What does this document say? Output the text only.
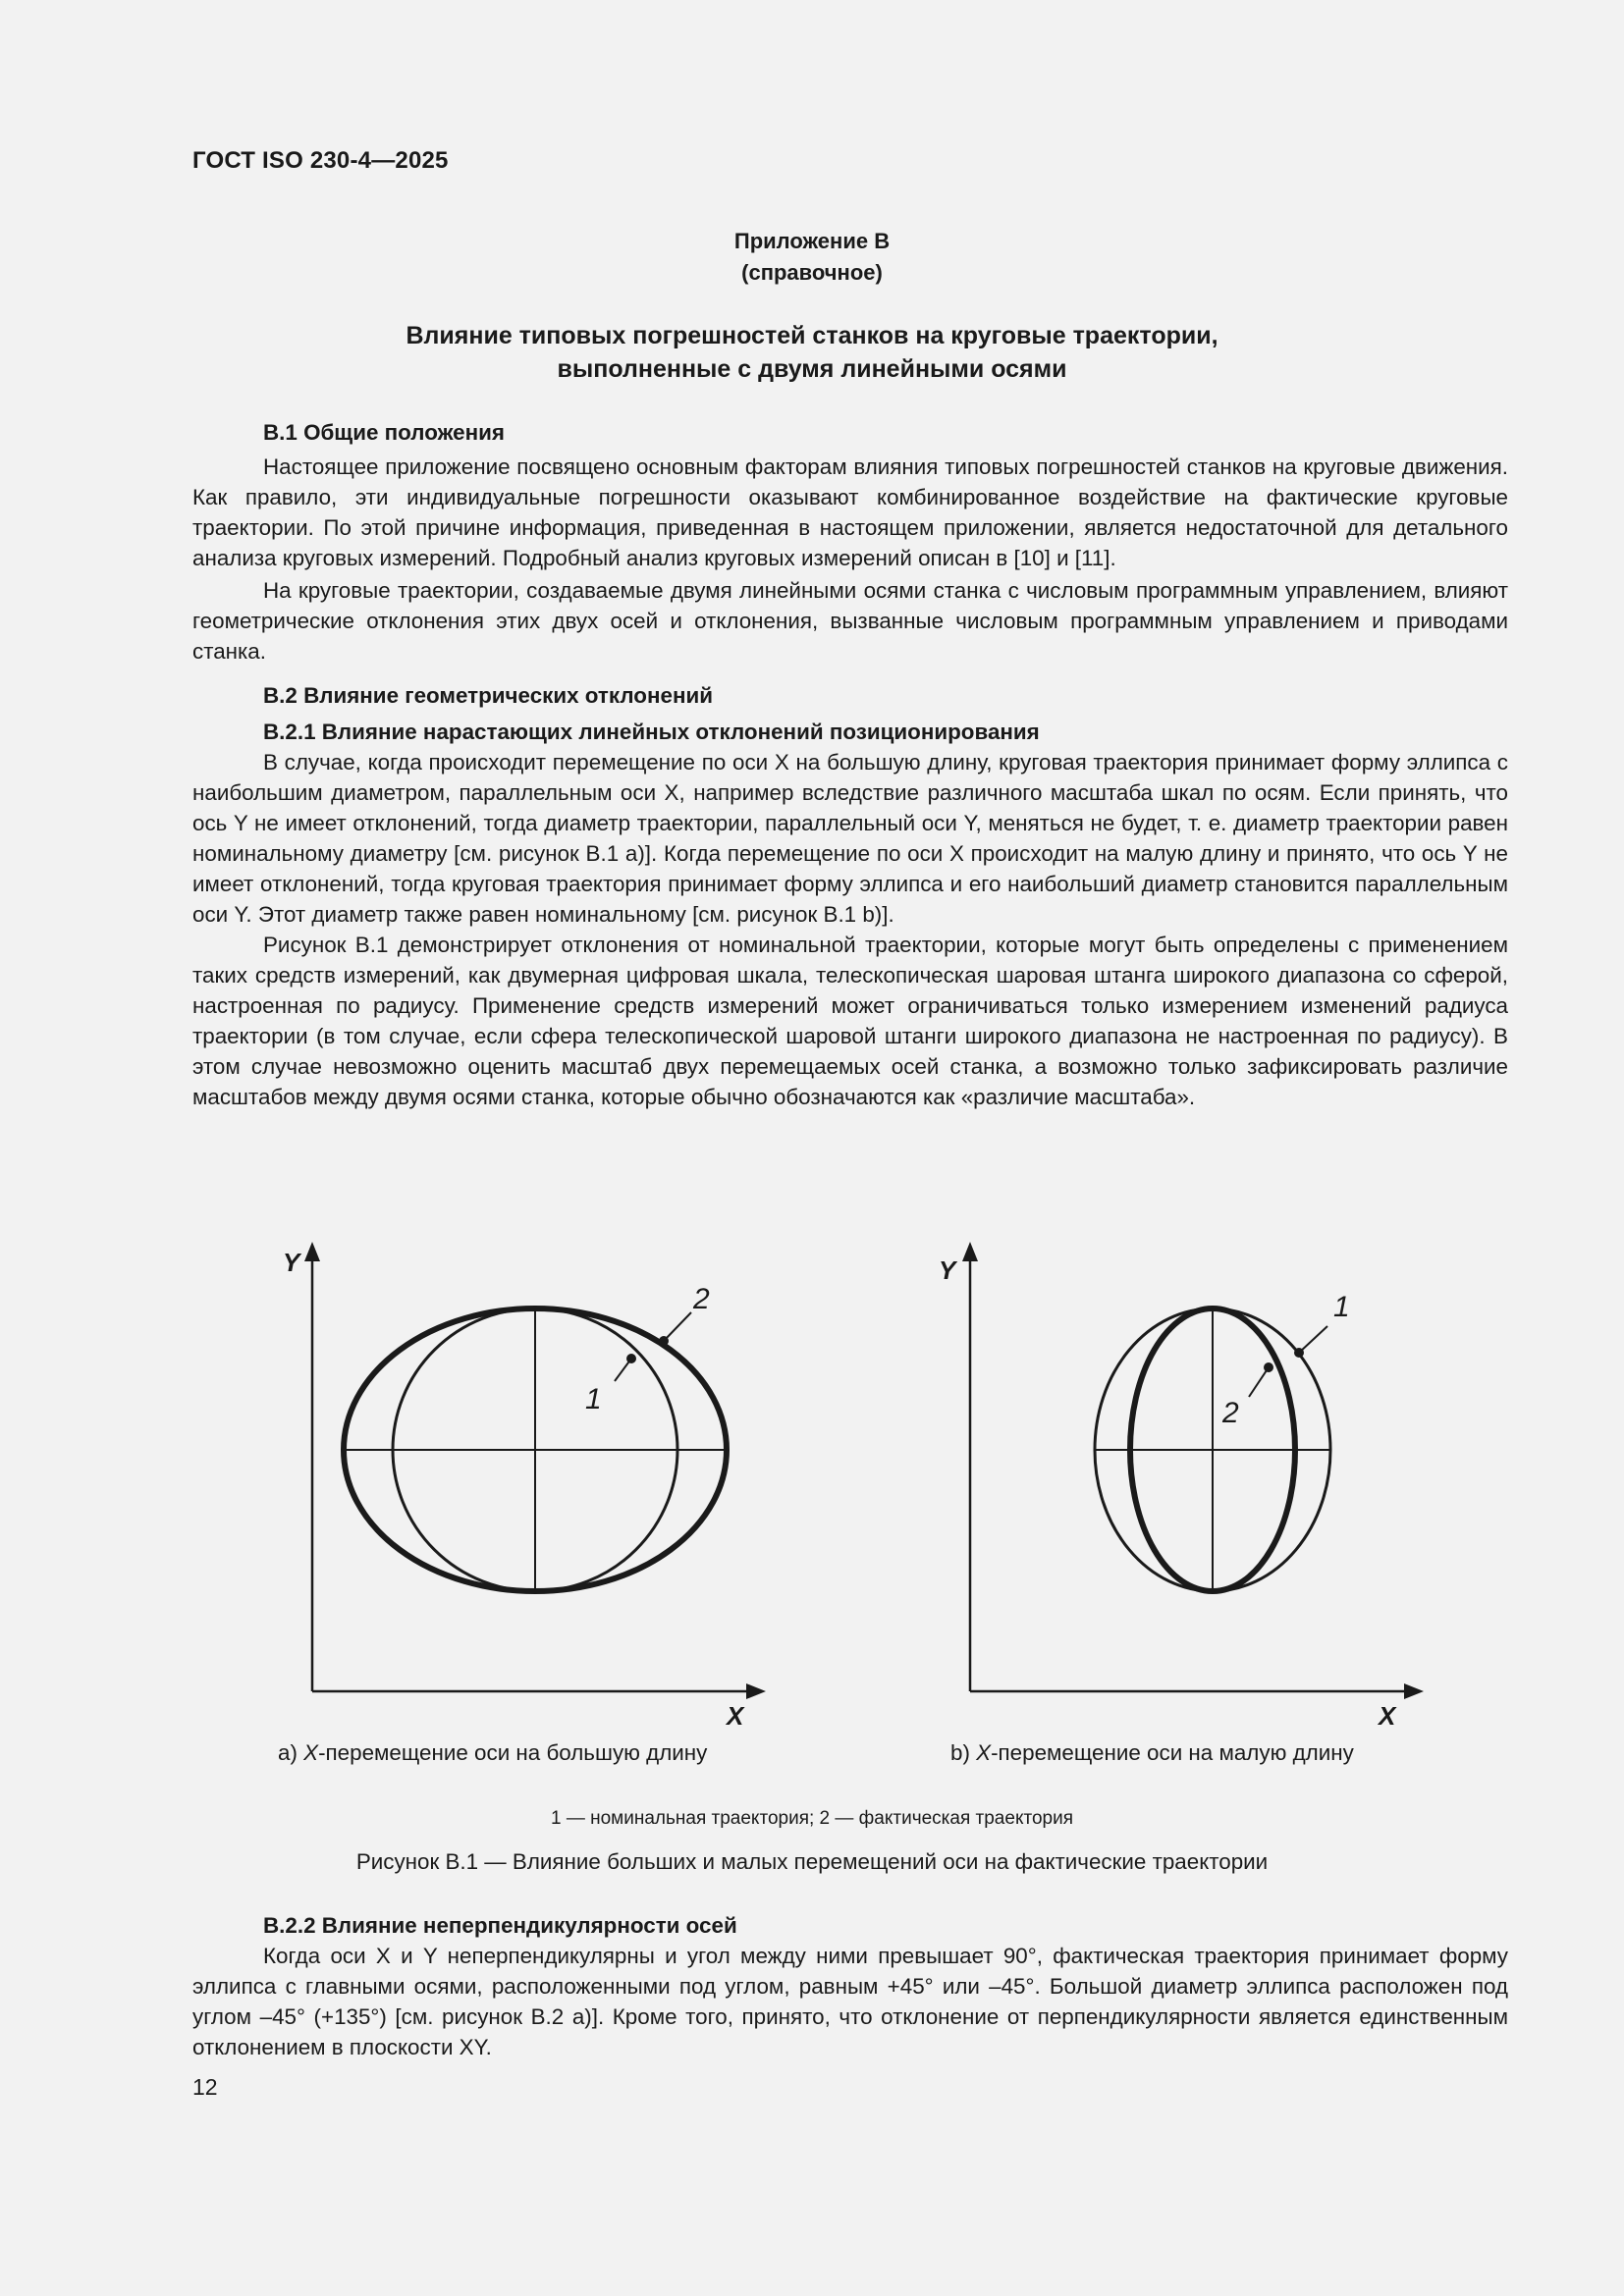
ГОСТ ISO 230-4—2025
Приложение В
(справочное)
Влияние типовых погрешностей станков на круговые траектории,
выполненные с двумя линейными осями

В.1 Общие положения

Настоящее приложение посвящено основным факторам влияния типовых погрешностей станков на круговые движения. Как правило, эти индивидуальные погрешности оказывают комбинированное воздействие на фактические круговые траектории. По этой причине информация, приведенная в настоящем приложении, является недостаточной для детального анализа круговых измерений. Подробный анализ круговых измерений описан в [10] и [11].

На круговые траектории, создаваемые двумя линейными осями станка с числовым программным управлением, влияют геометрические отклонения этих двух осей и отклонения, вызванные числовым программным управлением и приводами станка.

В.2 Влияние геометрических отклонений

В.2.1 Влияние нарастающих линейных отклонений позиционирования

В случае, когда происходит перемещение по оси X на большую длину, круговая траектория принимает форму эллипса с наибольшим диаметром, параллельным оси X, например вследствие различного масштаба шкал по осям. Если принять, что ось Y не имеет отклонений, тогда диаметр траектории, параллельный оси Y, меняться не будет, т. е. диаметр траектории равен номинальному диаметру [см. рисунок В.1 а)]. Когда перемещение по оси X происходит на малую длину и принято, что ось Y не имеет отклонений, тогда круговая траектория принимает форму эллипса и его наибольший диаметр становится параллельным оси Y. Этот диаметр также равен номинальному [см. рисунок В.1 b)].

Рисунок В.1 демонстрирует отклонения от номинальной траектории, которые могут быть определены с применением таких средств измерений, как двумерная цифровая шкала, телескопическая шаровая штанга широкого диапазона со сферой, настроенная по радиусу. Применение средств измерений может ограничиваться только измерением изменений радиуса траектории (в том случае, если сфера телескопической шаровой штанги широкого диапазона не настроенная по радиусу). В этом случае невозможно оценить масштаб двух перемещаемых осей станка, а возможно только зафиксировать различие масштабов между двумя осями станка, которые обычно обозначаются как «различие масштаба».

Y
X
1
2
Y
X
1
2
a) X-перемещение оси на большую длину	b) X-перемещение оси на малую длину
1 — номинальная траектория; 2 — фактическая траектория
Рисунок В.1 — Влияние больших и малых перемещений оси на фактические траектории

В.2.2 Влияние неперпендикулярности осей

Когда оси X и Y неперпендикулярны и угол между ними превышает 90°, фактическая траектория принимает форму эллипса с главными осями, расположенными под углом, равным +45° или –45°. Большой диаметр эллипса расположен под углом –45° (+135°) [см. рисунок В.2 а)]. Кроме того, принято, что отклонение от перпендикулярности является единственным отклонением в плоскости XY.

12
